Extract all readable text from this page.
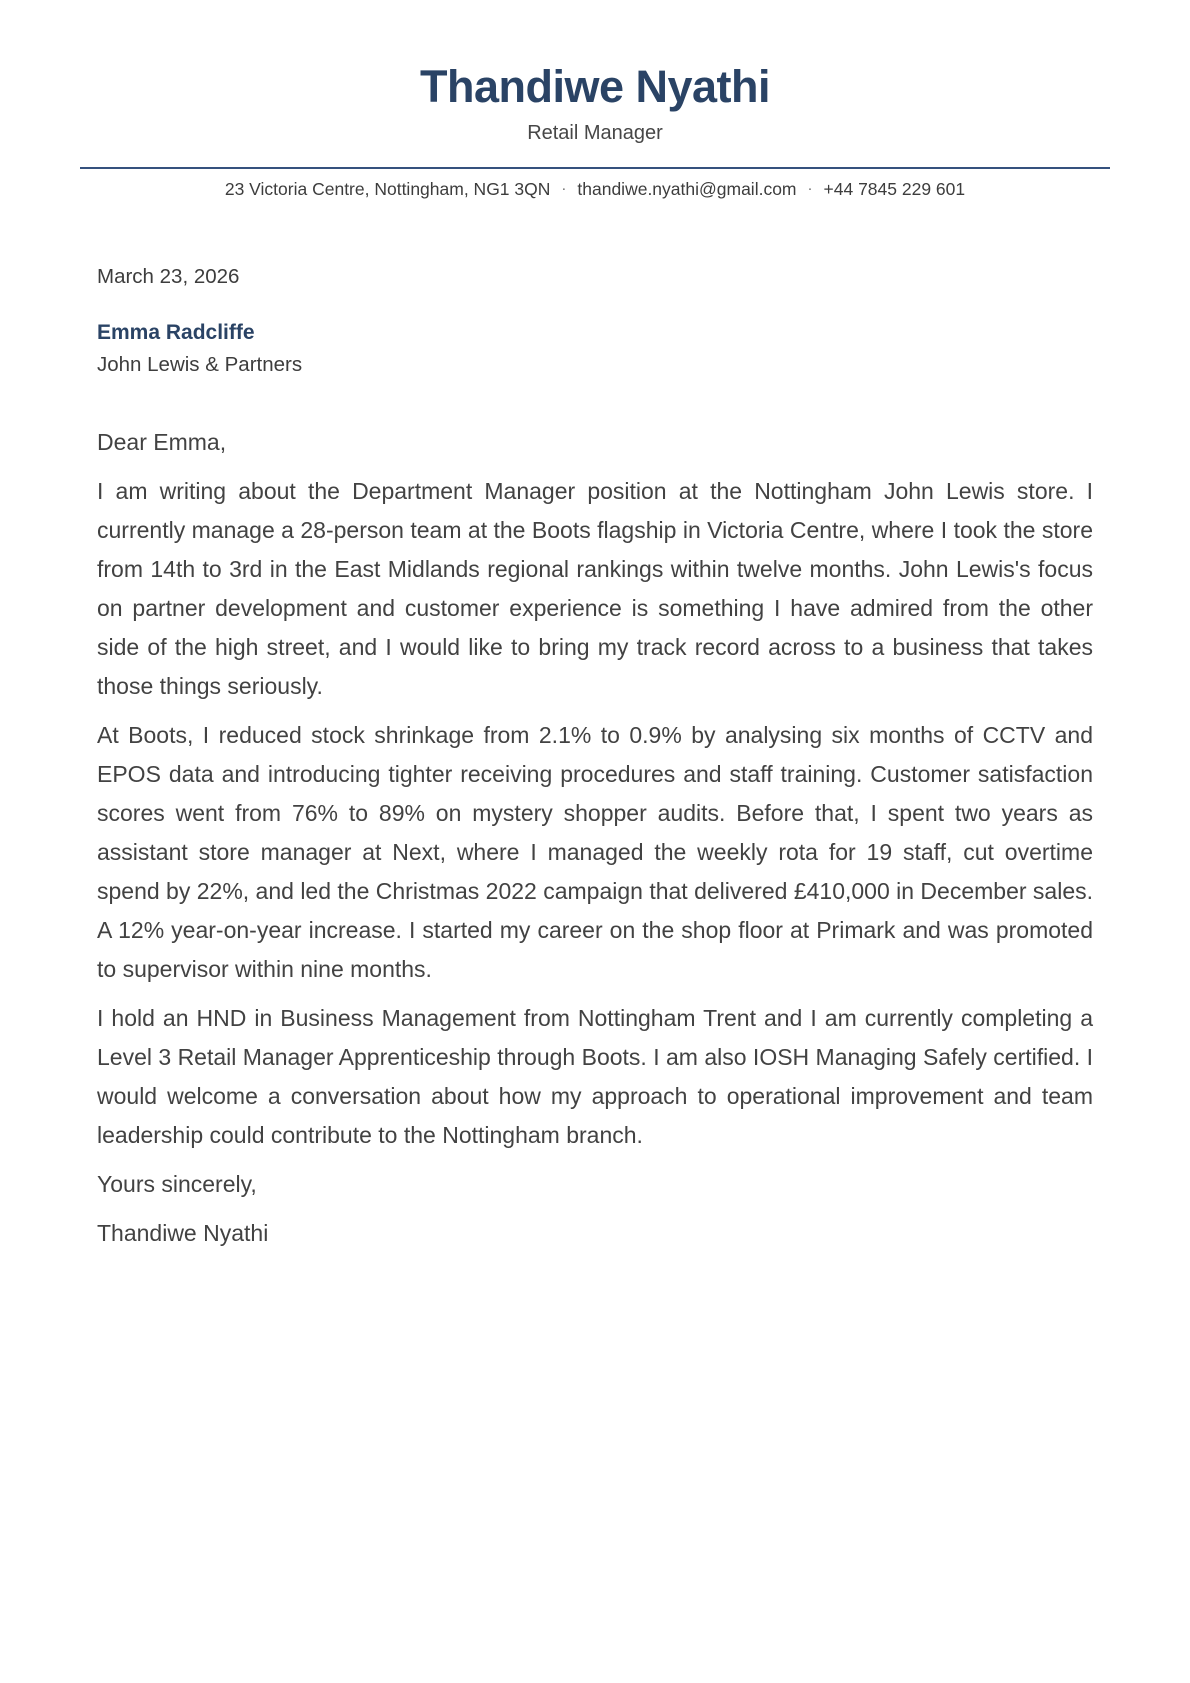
Thandiwe Nyathi
Retail Manager
23 Victoria Centre, Nottingham, NG1 3QN · thandiwe.nyathi@gmail.com · +44 7845 229 601
March 23, 2026
Emma Radcliffe
John Lewis & Partners

Dear Emma,

I am writing about the Department Manager position at the Nottingham John Lewis store. I currently manage a 28-person team at the Boots flagship in Victoria Centre, where I took the store from 14th to 3rd in the East Midlands regional rankings within twelve months. John Lewis's focus on partner development and customer experience is something I have admired from the other side of the high street, and I would like to bring my track record across to a business that takes those things seriously.

At Boots, I reduced stock shrinkage from 2.1% to 0.9% by analysing six months of CCTV and EPOS data and introducing tighter receiving procedures and staff training. Customer satisfaction scores went from 76% to 89% on mystery shopper audits. Before that, I spent two years as assistant store manager at Next, where I managed the weekly rota for 19 staff, cut overtime spend by 22%, and led the Christmas 2022 campaign that delivered £410,000 in December sales. A 12% year-on-year increase. I started my career on the shop floor at Primark and was promoted to supervisor within nine months.

I hold an HND in Business Management from Nottingham Trent and I am currently completing a Level 3 Retail Manager Apprenticeship through Boots. I am also IOSH Managing Safely certified. I would welcome a conversation about how my approach to operational improvement and team leadership could contribute to the Nottingham branch.

Yours sincerely,

Thandiwe Nyathi
